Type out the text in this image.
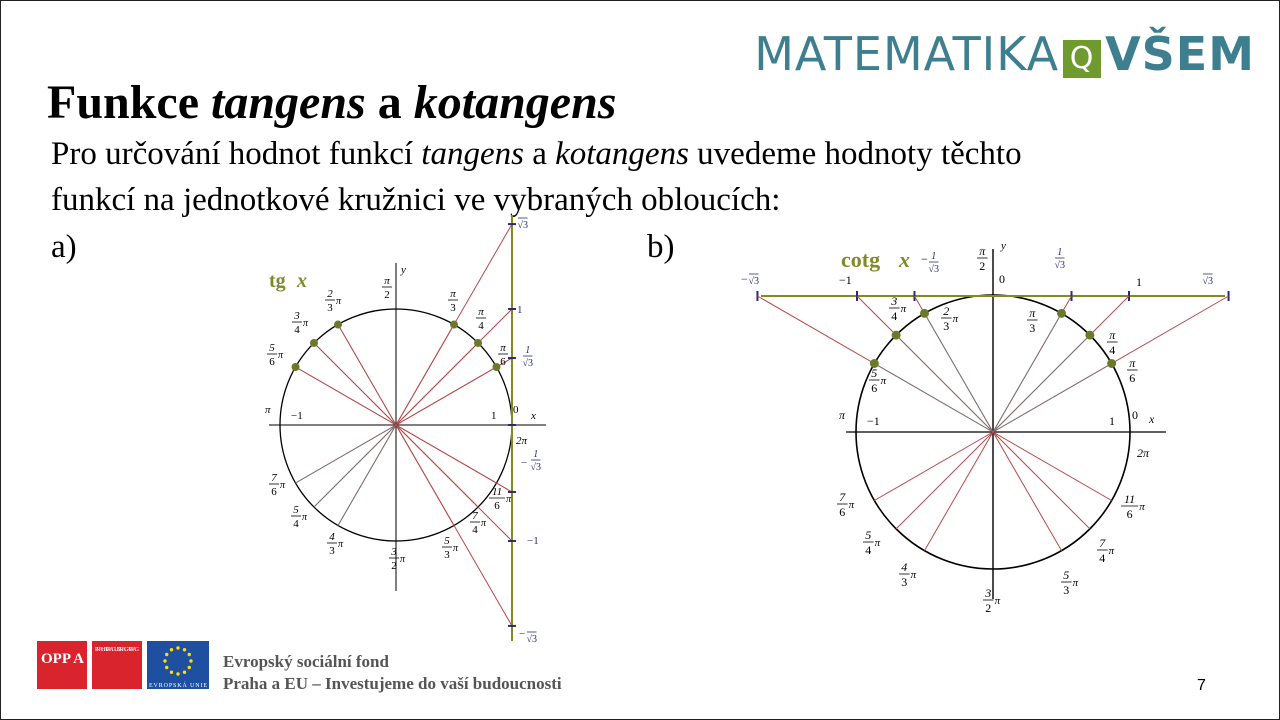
MATEMATIKA Q VŠEM
Funkce tangens a kotangens
Pro určování hodnot funkcí tangens a kotangens uvedeme hodnoty těchto
funkcí na jednotkové kružnici ve vybraných obloucích:
a)	b)
tg x	y
x
0
1
−1
π
2π
√3
1
1
√3
1
√3
−
−1
√3
−
π
2	π
3 π
4
π
6
2
3
π
3
4
π
5
6
π
7
6
π
5
4
π
4
3
π
3
2
π
5
3
π
7
4
π
11
6
π
cotg x
y
x
0
1
−1
π
2π
0
− √3	−1
− 1
√3
1
√3
1	√3
π
2
π
3	π
4
π
6
2
3 π
3
4 π
5
6 π
7
6 π
5
4 π
4
3 π
3
2 π
5
3 π
7
4 π
11
6 π
OPP A
PRAHA PRAGUE PRAGA PRAG
EVROPSKÁ UNIE
Evropský sociální fond
Praha a EU – Investujeme do vaší budoucnosti	7
